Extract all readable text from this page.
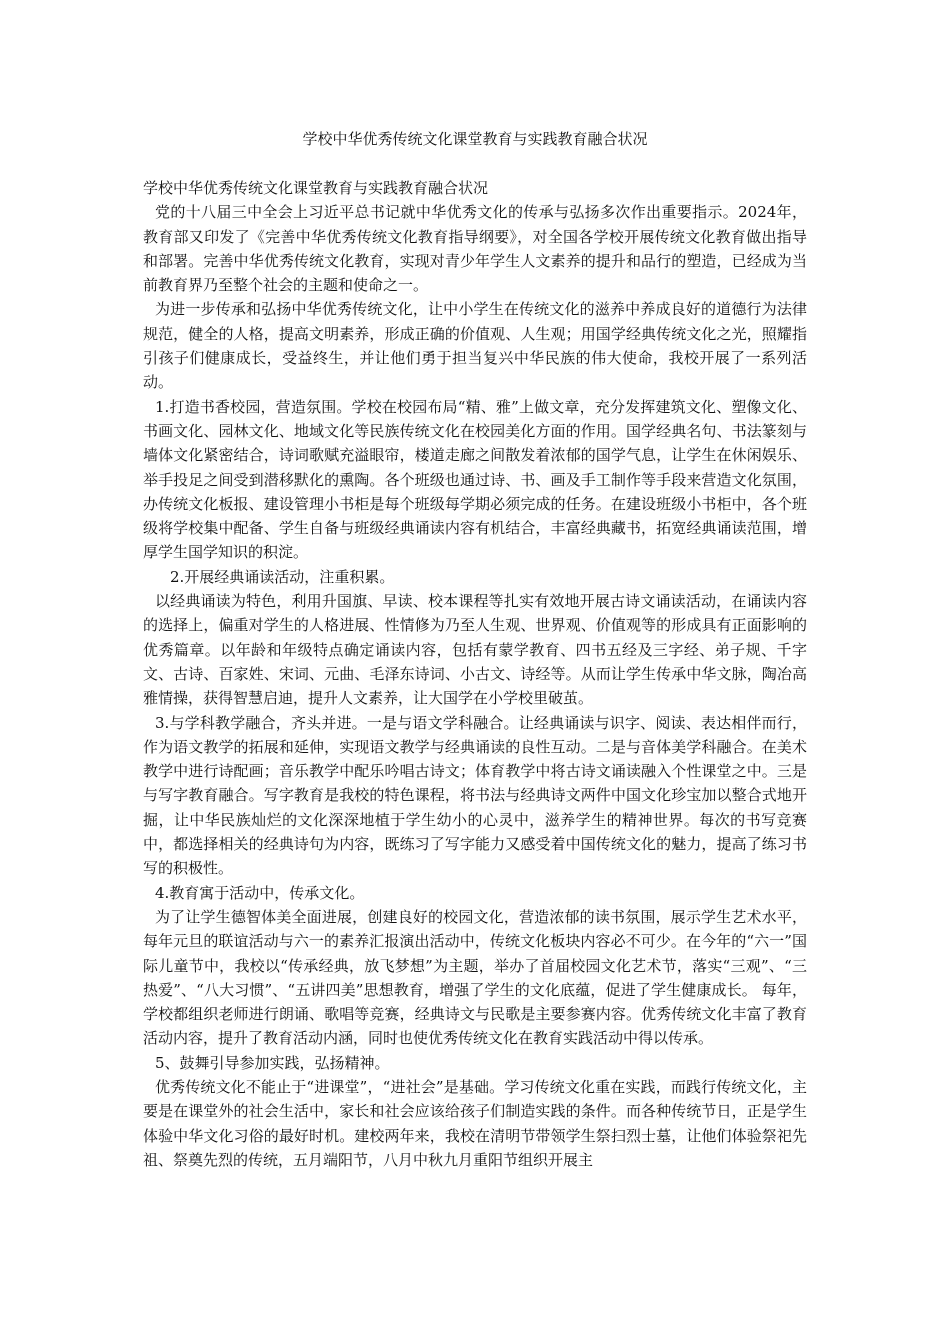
学校中华优秀传统文化课堂教育与实践教育融合状况

学校中华优秀传统文化课堂教育与实践教育融合状况

党的十八届三中全会上习近平总书记就中华优秀文化的传承与弘扬多次作出重要指示。2024年，教育部又印发了《完善中华优秀传统文化教育指导纲要》，对全国各学校开展传统文化教育做出指导和部署。完善中华优秀传统文化教育，实现对青少年学生人文素养的提升和品行的塑造，已经成为当前教育界乃至整个社会的主题和使命之一。

为进一步传承和弘扬中华优秀传统文化，让中小学生在传统文化的滋养中养成良好的道德行为法律规范，健全的人格，提高文明素养，形成正确的价值观、人生观；用国学经典传统文化之光，照耀指引孩子们健康成长，受益终生，并让他们勇于担当复兴中华民族的伟大使命，我校开展了一系列活动。

1.打造书香校园，营造氛围。学校在校园布局“精、雅”上做文章，充分发挥建筑文化、塑像文化、书画文化、园林文化、地域文化等民族传统文化在校园美化方面的作用。国学经典名句、书法篆刻与墙体文化紧密结合，诗词歌赋充溢眼帘，楼道走廊之间散发着浓郁的国学气息，让学生在休闲娱乐、举手投足之间受到潜移默化的熏陶。各个班级也通过诗、书、画及手工制作等手段来营造文化氛围，办传统文化板报、建设管理小书柜是每个班级每学期必须完成的任务。在建设班级小书柜中，各个班级将学校集中配备、学生自备与班级经典诵读内容有机结合，丰富经典藏书，拓宽经典诵读范围，增厚学生国学知识的积淀。

2.开展经典诵读活动，注重积累。

以经典诵读为特色，利用升国旗、早读、校本课程等扎实有效地开展古诗文诵读活动，在诵读内容的选择上，偏重对学生的人格进展、性情修为乃至人生观、世界观、价值观等的形成具有正面影响的优秀篇章。以年龄和年级特点确定诵读内容，包括有蒙学教育、四书五经及三字经、弟子规、千字文、古诗、百家姓、宋词、元曲、毛泽东诗词、小古文、诗经等。从而让学生传承中华文脉，陶冶高雅情操，获得智慧启迪，提升人文素养，让大国学在小学校里破茧。

3.与学科教学融合，齐头并进。一是与语文学科融合。让经典诵读与识字、阅读、表达相伴而行，作为语文教学的拓展和延伸，实现语文教学与经典诵读的良性互动。二是与音体美学科融合。在美术教学中进行诗配画；音乐教学中配乐吟唱古诗文；体育教学中将古诗文诵读融入个性课堂之中。三是与写字教育融合。写字教育是我校的特色课程，将书法与经典诗文两件中国文化珍宝加以整合式地开掘，让中华民族灿烂的文化深深地植于学生幼小的心灵中，滋养学生的精神世界。每次的书写竞赛中，都选择相关的经典诗句为内容，既练习了写字能力又感受着中国传统文化的魅力，提高了练习书写的积极性。

4.教育寓于活动中，传承文化。

为了让学生德智体美全面进展，创建良好的校园文化，营造浓郁的读书氛围，展示学生艺术水平，每年元旦的联谊活动与六一的素养汇报演出活动中，传统文化板块内容必不可少。在今年的“六一”国际儿童节中，我校以“传承经典，放飞梦想”为主题，举办了首届校园文化艺术节，落实“三观”、“三热爱”、“八大习惯”、“五讲四美”思想教育，增强了学生的文化底蕴，促进了学生健康成长。 每年，学校都组织老师进行朗诵、歌唱等竞赛，经典诗文与民歌是主要参赛内容。优秀传统文化丰富了教育活动内容，提升了教育活动内涵，同时也使优秀传统文化在教育实践活动中得以传承。

5、鼓舞引导参加实践，弘扬精神。

优秀传统文化不能止于“进课堂”，“进社会”是基础。学习传统文化重在实践，而践行传统文化，主要是在课堂外的社会生活中，家长和社会应该给孩子们制造实践的条件。而各种传统节日，正是学生体验中华文化习俗的最好时机。建校两年来，我校在清明节带领学生祭扫烈士墓，让他们体验祭祀先祖、祭奠先烈的传统，五月端阳节，八月中秋九月重阳节组织开展主
